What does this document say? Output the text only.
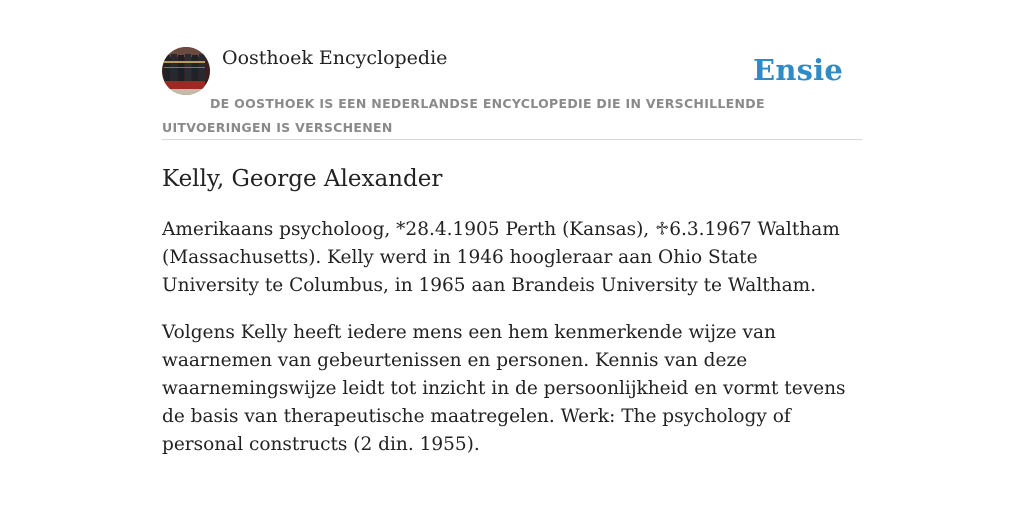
Oosthoek Encyclopedie	Ensie
DE OOSTHOEK IS EEN NEDERLANDSE ENCYCLOPEDIE DIE IN VERSCHILLENDE UITVOERINGEN IS VERSCHENEN
Kelly, George Alexander

Amerikaans psycholoog, *28.4.1905 Perth (Kansas), ♱6.3.1967 Waltham (Massachusetts). Kelly werd in 1946 hoogleraar aan Ohio State University te Columbus, in 1965 aan Brandeis University te Waltham.

Volgens Kelly heeft iedere mens een hem kenmerkende wijze van waarnemen van gebeurtenissen en personen. Kennis van deze waarnemingswijze leidt tot inzicht in de persoonlijkheid en vormt tevens de basis van therapeutische maatregelen. Werk: The psychology of personal constructs (2 din. 1955).
